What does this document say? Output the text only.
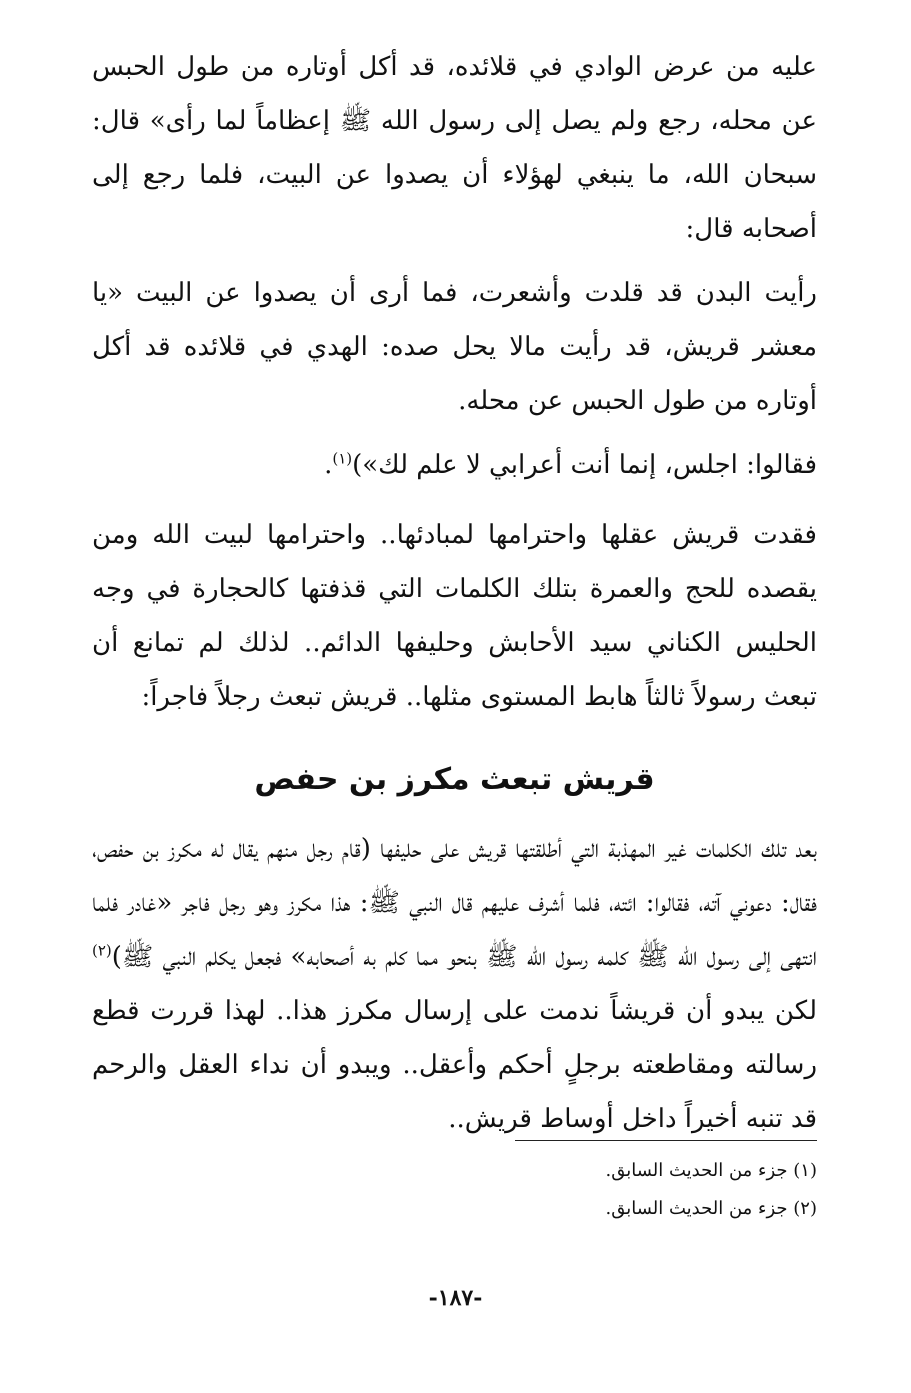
عليه من عرض الوادي في قلائده، قد أكل أوتاره من طول الحبس عن محله، رجع ولم يصل إلى رسول الله ﷺ إعظاماً لما رأى» قال: سبحان الله، ما ينبغي لهؤلاء أن يصدوا عن البيت، فلما رجع إلى أصحابه قال:

رأيت البدن قد قلدت وأشعرت، فما أرى أن يصدوا عن البيت «يا معشر قريش، قد رأيت مالا يحل صده: الهدي في قلائده قد أكل أوتاره من طول الحبس عن محله.

فقالوا: اجلس، إنما أنت أعرابي لا علم لك»)$^{(١)}$.

فقدت قريش عقلها واحترامها لمبادئها.. واحترامها لبيت الله ومن يقصده للحج والعمرة بتلك الكلمات التي قذفتها كالحجارة في وجه الحليس الكناني سيد الأحابش وحليفها الدائم.. لذلك لم تمانع أن تبعث رسولاً ثالثاً هابط المستوى مثلها.. قريش تبعث رجلاً فاجراً:

قريش تبعث مكرز بن حفص

بعد تلك الكلمات غير المهذبة التي أطلقتها قريش على حليفها (قام رجل منهم يقال له مكرز بن حفص، فقال: دعوني آته، فقالوا: ائته، فلما أشرف عليهم قال النبي ﷺ: هذا مكرز وهو رجل فاجر «غادر فلما انتهى إلى رسول الله ﷺ كلمه رسول الله ﷺ بنحو مما كلم به أصحابه» فجعل يكلم النبي ﷺ)$^{(٢)}$ لكن يبدو أن قريشاً ندمت على إرسال مكرز هذا.. لهذا قررت قطع رسالته ومقاطعته برجلٍ أحكم وأعقل.. ويبدو أن نداء العقل والرحم قد تنبه أخيراً داخل أوساط قريش..

(١) جزء من الحديث السابق.

(٢) جزء من الحديث السابق.

-١٨٧-
